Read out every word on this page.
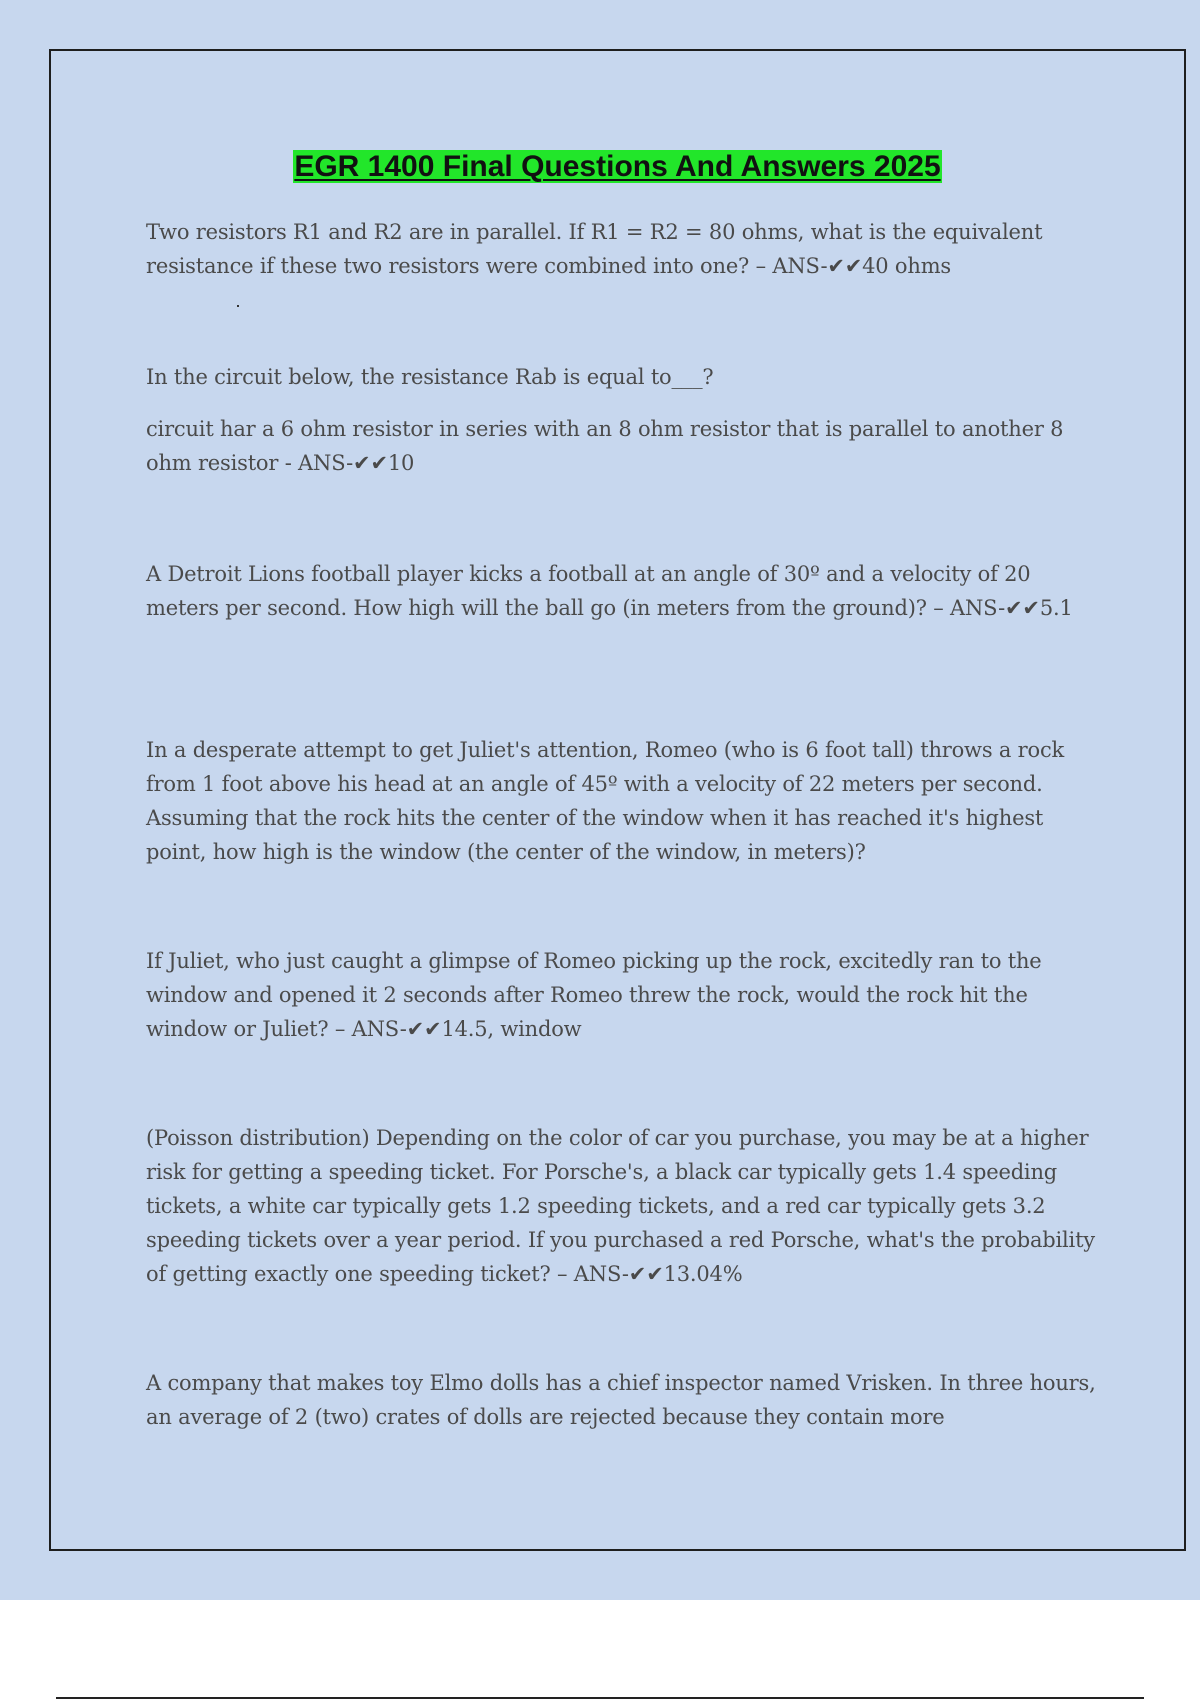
EGR 1400 Final Questions And Answers 2025

Two resistors R1 and R2 are in parallel. If R1 = R2 = 80 ohms, what is the equivalent resistance if these two resistors were combined into one? – ANS-✔✔40 ohms

In the circuit below, the resistance Rab is equal to___?

circuit har a 6 ohm resistor in series with an 8 ohm resistor that is parallel to another 8 ohm resistor - ANS-✔✔10

A Detroit Lions football player kicks a football at an angle of 30º and a velocity of 20 meters per second. How high will the ball go (in meters from the ground)? – ANS-✔✔5.1

In a desperate attempt to get Juliet's attention, Romeo (who is 6 foot tall) throws a rock from 1 foot above his head at an angle of 45º with a velocity of 22 meters per second. Assuming that the rock hits the center of the window when it has reached it's highest point, how high is the window (the center of the window, in meters)?

If Juliet, who just caught a glimpse of Romeo picking up the rock, excitedly ran to the window and opened it 2 seconds after Romeo threw the rock, would the rock hit the window or Juliet? – ANS-✔✔14.5, window

(Poisson distribution) Depending on the color of car you purchase, you may be at a higher risk for getting a speeding ticket. For Porsche's, a black car typically gets 1.4 speeding tickets, a white car typically gets 1.2 speeding tickets, and a red car typically gets 3.2 speeding tickets over a year period. If you purchased a red Porsche, what's the probability of getting exactly one speeding ticket? – ANS-✔✔13.04%

A company that makes toy Elmo dolls has a chief inspector named Vrisken. In three hours, an average of 2 (two) crates of dolls are rejected because they contain more
